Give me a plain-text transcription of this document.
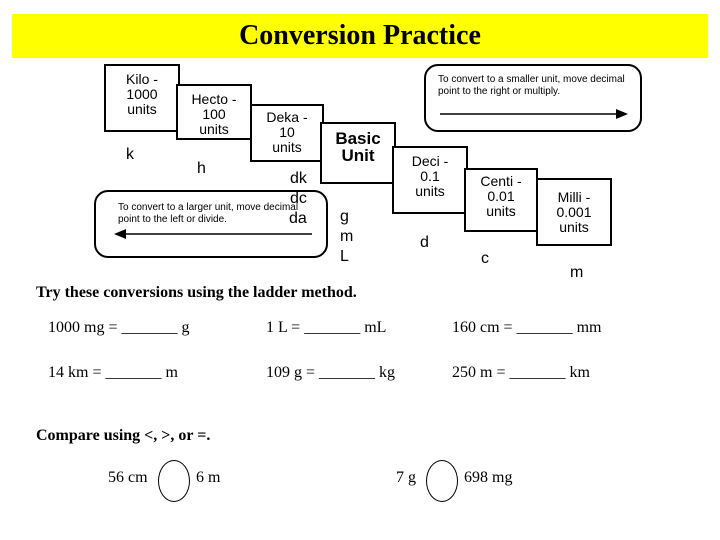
Conversion Practice
Kilo -
1000
units
Hecto -
100
units
Deka -
10
units	Basic
Unit	Deci -
0.1
units
Centi -
0.01
units
Milli -
0.001
units
To convert to a smaller unit, move decimal point to the right or multiply.
To convert to a larger unit, move decimal point to the left or divide.
k
h
dk
dc
da g
m
L
d
c
m
Try these conversions using the ladder method.
1000 mg = _______ g	1 L = _______ mL	160 cm = _______ mm
14 km = _______ m	109 g = _______ kg	250 m = _______ km
Compare using <, >, or =.
56 cm	6 m	7 g	698 mg
